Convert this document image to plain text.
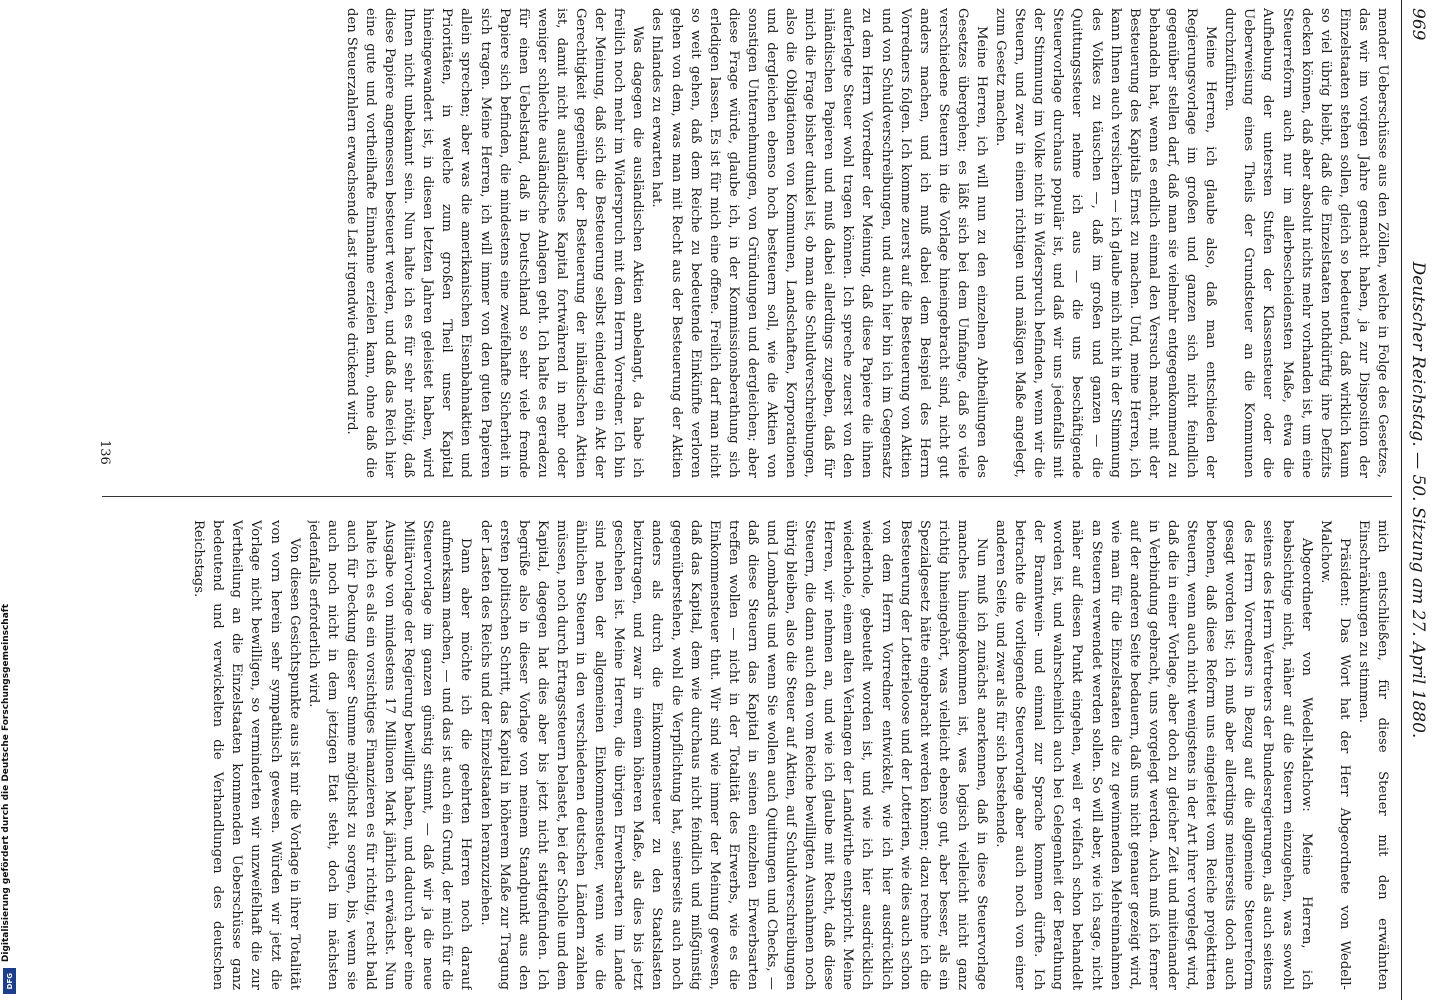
Digitalisierung gefördert durch die Deutsche Forschungsgemeinschaft
DFG
969
Deutscher Reichstag. — 50. Sitzung am 27. April 1880.

mender Ueberschüsse aus den Zöllen, welche in Folge des Gesetzes, das wir im vorigen Jahre gemacht haben, ja zur Disposition der Einzelstaaten stehen sollen, gleich so bedeutend, daß wirklich kaum so viel übrig bleibt, daß die Einzelstaaten nothdürftig ihre Defizits decken können, daß aber absolut nichts mehr vorhanden ist, um eine Steuerreform auch nur im allerbescheidensten Maße, etwa die Aufhebung der untersten Stufen der Klassensteuer oder die Ueberweisung eines Theils der Grundsteuer an die Kommunen durchzuführen.

Meine Herren, ich glaube also, daß man entschieden der Regierungsvorlage im großen und ganzen sich nicht feindlich gegenüber stellen darf, daß man sie vielmehr entgegenkommend zu behandeln hat, wenn es endlich einmal den Versuch macht, mit der Besteuerung des Kapitals Ernst zu machen. Und, meine Herren, ich kann Ihnen auch versichern — ich glaube mich nicht in der Stimmung des Volkes zu täuschen —, daß im großen und ganzen — die Quittungssteuer nehme ich aus — die uns beschäftigende Steuervorlage durchaus populär ist, und daß wir uns jedenfalls mit der Stimmung im Volke nicht in Widerspruch befinden, wenn wir die Steuern, und zwar in einem richtigen und mäßigen Maße angelegt, zum Gesetz machen.

Meine Herren, ich will nun zu den einzelnen Abtheilungen des Gesetzes übergehen; es läßt sich bei dem Umfange, daß so viele verschiedene Steuern in die Vorlage hineingebracht sind, nicht gut anders machen, und ich muß dabei dem Beispiel des Herrn Vorredners folgen. Ich komme zuerst auf die Besteuerung von Aktien und von Schuldverschreibungen, und auch hier bin ich im Gegensatz zu dem Herrn Vorredner der Meinung, daß diese Papiere die ihnen auferlegte Steuer wohl tragen können. Ich spreche zuerst von den inländischen Papieren und muß dabei allerdings zugeben, daß für mich die Frage bisher dunkel ist, ob man die Schuldverschreibungen, also die Obligationen von Kommunen, Landschaften, Korporationen und dergleichen ebenso hoch besteuern soll, wie die Aktien von sonstigen Unternehmungen, von Gründungen und dergleichen; aber diese Frage würde, glaube ich, in der Kommissionsberathung sich erledigen lassen. Es ist für mich eine offene. Freilich darf man nicht so weit gehen, daß dem Reiche zu bedeutende Einkünfte verloren gehen von dem, was man mit Recht aus der Besteuerung der Aktien des Inlandes zu erwarten hat.

Was dagegen die ausländischen Aktien anbelangt, da habe ich freilich noch mehr im Widerspruch mit dem Herrn Vorredner. Ich bin der Meinung, daß sich die Besteuerung selbst eindeutig ein Akt der Gerechtigkeit gegenüber der Besteuerung der inländischen Aktien ist, damit nicht ausländisches Kapital fortwährend in mehr oder weniger schlechte ausländische Anlagen geht. Ich halte es geradezu für einen Uebelstand, daß in Deutschland so sehr viele fremde Papiere sich befinden, die mindestens eine zweifelhafte Sicherheit in sich tragen. Meine Herren, ich will immer von den guten Papieren allein sprechen; aber was die amerikanischen Eisenbahnaktien und Prioritäten, in welche zum großen Theil unser Kapital hineingewandert ist, in diesen letzten Jahren geleistet haben, wird Ihnen nicht unbekannt sein. Nun halte ich es für sehr nöthig, daß diese Papiere angemessen besteuert werden, und daß das Reich hier eine gute und vortheilhafte Einnahme erzielen kann, ohne daß die den Steuerzahlern erwachsende Last irgendwie drückend wird.

mich entschließen, für diese Steuer mit den erwähnten Einschränkungen zu stimmen.

Präsident: Das Wort hat der Herr Abgeordnete von Wedell-Malchow.

Abgeordneter von Wedell-Malchow: Meine Herren, ich beabsichtige nicht, näher auf die Steuern einzugehen, was sowohl seitens des Herrn Vertreters der Bundesregierungen, als auch seitens des Herrn Vorredners in Bezug auf die allgemeine Steuerreform gesagt worden ist; ich muß aber allerdings meinerseits doch auch betonen, daß diese Reform uns eingeleitet vom Reiche projektirten Steuern, wenn auch nicht wenigstens in der Art ihrer vorgelegt wird, daß die in einer Vorlage, aber doch zu gleicher Zeit und miteinander in Verbindung gebracht, uns vorgelegt werden. Auch muß ich ferner auf der anderen Seite bedauern, daß uns nicht genauer gezeigt wird, wie man für die Einzelstaaten die zu gewinnenden Mehreinnahmen an Steuern verwendet werden sollen. So will aber, wie ich sage, nicht näher auf diesen Punkt eingehen, weil er vielfach schon behandelt worden ist, und wahrscheinlich auch bei Gelegenheit der Berathung der Branntwein- und einmal zur Sprache kommen dürfte. Ich betrachte die vorliegende Steuervorlage aber auch noch von einer anderen Seite, und zwar als für sich bestehende.

Nun muß ich zunächst anerkennen, daß in diese Steuervorlage manches hineingekommen ist, was logisch vielleicht nicht ganz richtig hineingehört, was vielleicht ebenso gut, aber besser, als ein Spezialgesetz hätte eingebracht werden können; dazu rechne ich die Besteuerung der Lotterieloose und der Lotterien, wie dies auch schon von dem Herrn Vorredner entwickelt, wie ich hier ausdrücklich wiederhole, gebeutelt worden ist, und wie ich hier ausdrücklich wiederhole, einem alten Verlangen der Landwirthe entspricht. Meine Herren, wir nehmen an, und wie ich glaube mit Recht, daß diese Steuern, die dann auch den vom Reiche bewilligten Ausnahmen noch übrig bleiben, also die Steuer auf Aktien, auf Schuldverschreibungen und Lombards und wenn Sie wollen auch Quittungen und Checks, — daß diese Steuern das Kapital in seinen einzelnen Erwerbsarten treffen wollen — nicht in der Totalität des Erwerbs, wie es die Einkommensteuer thut. Wir sind wie immer der Meinung gewesen, daß das Kapital, dem wie durchaus nicht feindlich und mißgünstig gegenüberstehen, wohl die Verpflichtung hat, seinerseits auch noch anders als durch die Einkommensteuer zu den Staatslasten beizutragen, und zwar in einem höheren Maße, als dies bis jetzt geschehen ist. Meine Herren, die übrigen Erwerbsarten im Lande sind neben der allgemeinen Einkommensteuer, wenn wie die ähnlichen Steuern in den verschiedenen deutschen Ländern zahlen müssen, noch durch Ertragssteuern belastet, bei der Scholle und dem Kapital, dagegen hat dies aber bis jetzt nicht stattgefunden. Ich begrüße also in dieser Vorlage von meinem Standpunkt aus den ersten politischen Schritt, das Kapital in höherem Maße zur Tragung der Lasten des Reichs und der Einzelstaaten heranzuziehen.

Dann aber möchte ich die geehrten Herren noch darauf aufmerksam machen, — und das ist auch ein Grund, der mich für die Steuervorlage im ganzen günstig stimmt, — daß wir ja die neue Militärvorlage der Regierung bewilligt haben, und dadurch aber eine Ausgabe von mindestens 17 Millionen Mark jährlich erwächst. Nun halte ich es als ein vorsichtiges Finanzieren es für richtig, recht bald auch für Deckung dieser Summe möglichst zu sorgen, bis, wenn sie auch noch nicht in dem jetzigen Etat steht, doch im nächsten jedenfalls erforderlich wird.

Von diesen Gesichtspunkte aus ist mir die Vorlage in ihrer Totalität von vorn herein sehr sympathisch gewesen. Würden wir jetzt die Vorlage nicht bewilligen, so verminderten wir unzweifelhaft die zur Vertheilung an die Einzelstaaten kommenden Ueberschüsse ganz bedeutend und verwickelten die Verhandlungen des deutschen Reichstags.

136
